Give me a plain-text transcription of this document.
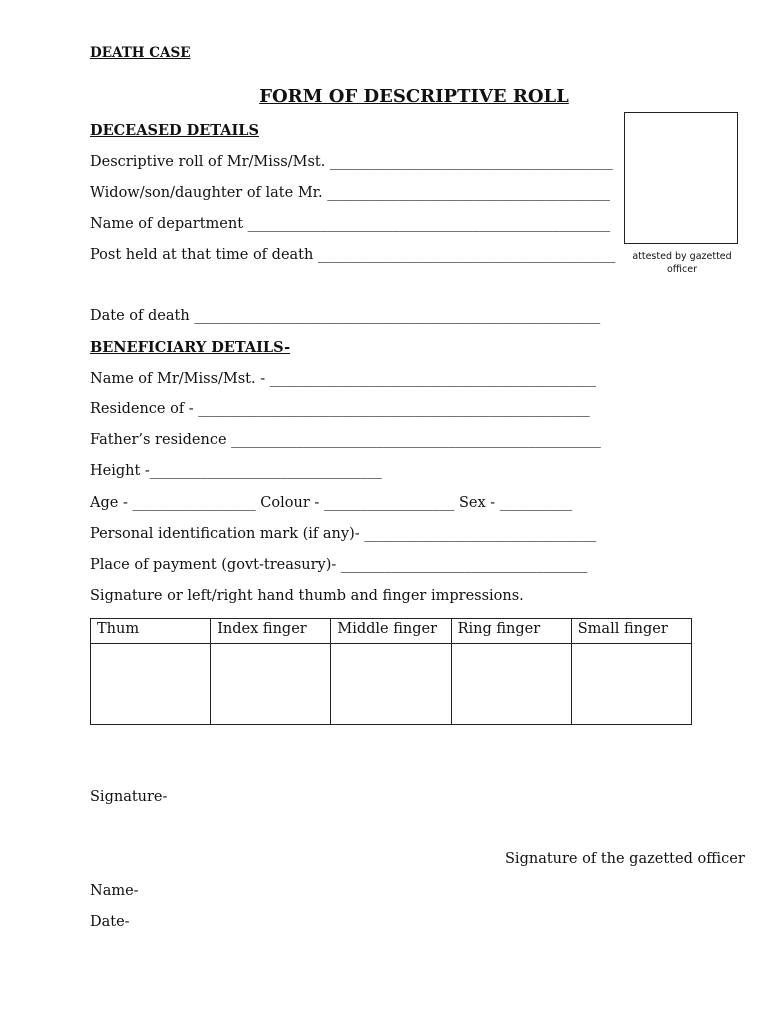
DEATH CASE
FORM OF DESCRIPTIVE ROLL
DECEASED DETAILS
Descriptive roll of Mr/Miss/Mst. _______________________________________
Widow/son/daughter of late Mr. _______________________________________
Name of department __________________________________________________
Post held at that time of death _________________________________________	attested by gazetted officer
Date of death ________________________________________________________
BENEFICIARY DETAILS-
Name of Mr/Miss/Mst. - _____________________________________________
Residence of - ______________________________________________________
Father’s residence ___________________________________________________
Height -________________________________
Age - _________________ Colour - __________________ Sex - __________
Personal identification mark (if any)- ________________________________
Place of payment (govt-treasury)- __________________________________
Signature or left/right hand thumb and finger impressions.
Thum	Index finger	Middle finger	Ring finger	Small finger

Signature-
Signature of the gazetted officer
Name-
Date-
